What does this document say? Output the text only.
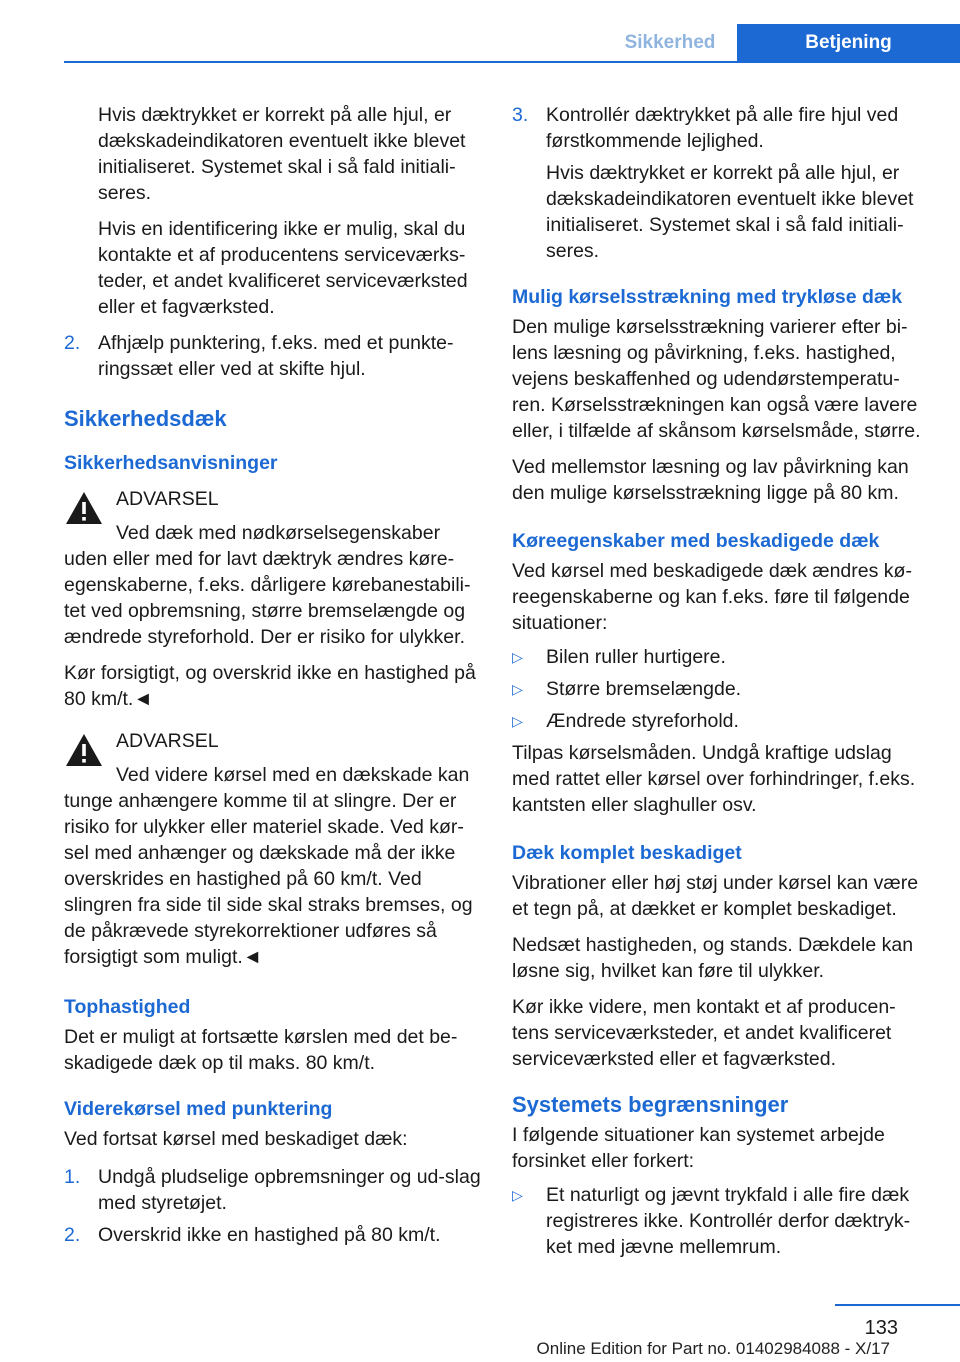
Sikkerhed	Betjening

Hvis dæktrykket er korrekt på alle hjul, er dækskadeindikatoren eventuelt ikke blevet initialiseret. Systemet skal i så fald initiali‐seres.

Hvis en identificering ikke er mulig, skal du kontakte et af producentens serviceværks‐teder, et andet kvalificeret serviceværksted eller et fagværksted.

2. Afhjælp punktering, f.eks. med et punkte‐ringssæt eller ved at skifte hjul.

Sikkerhedsdæk
Sikkerhedsanvisninger

ADVARSEL

Ved dæk med nødkørselsegenskaber

uden eller med for lavt dæktryk ændres køre‐egenskaberne, f.eks. dårligere kørebanestabili‐tet ved opbremsning, større bremselængde og ændrede styreforhold. Der er risiko for ulykker.

Kør forsigtigt, og overskrid ikke en hastighed på 80 km/t.◄

ADVARSEL

Ved videre kørsel med en dækskade kan

tunge anhængere komme til at slingre. Der er risiko for ulykker eller materiel skade. Ved kør‐sel med anhænger og dækskade må der ikke overskrides en hastighed på 60 km/t. Ved slingren fra side til side skal straks bremses, og de påkrævede styrekorrektioner udføres så forsigtigt som muligt.◄

Tophastighed

Det er muligt at fortsætte kørslen med det be‐skadigede dæk op til maks. 80 km/t.

Viderekørsel med punktering

Ved fortsat kørsel med beskadiget dæk:

1. Undgå pludselige opbremsninger og ud‐slag med styretøjet.

2. Overskrid ikke en hastighed på 80 km/t.

3. Kontrollér dæktrykket på alle fire hjul ved førstkommende lejlighed.

Hvis dæktrykket er korrekt på alle hjul, er dækskadeindikatoren eventuelt ikke blevet initialiseret. Systemet skal i så fald initiali‐seres.

Mulig kørselsstrækning med trykløse dæk

Den mulige kørselsstrækning varierer efter bi‐lens læsning og påvirkning, f.eks. hastighed, vejens beskaffenhed og udendørstemperatu‐ren. Kørselsstrækningen kan også være lavere eller, i tilfælde af skånsom kørselsmåde, større.

Ved mellemstor læsning og lav påvirkning kan den mulige kørselsstrækning ligge på 80 km.

Køreegenskaber med beskadigede dæk

Ved kørsel med beskadigede dæk ændres kø‐reegenskaberne og kan f.eks. føre til følgende situationer:

▷ Bilen ruller hurtigere.

▷ Større bremselængde.

▷ Ændrede styreforhold.

Tilpas kørselsmåden. Undgå kraftige udslag med rattet eller kørsel over forhindringer, f.eks. kantsten eller slaghuller osv.

Dæk komplet beskadiget

Vibrationer eller høj støj under kørsel kan være et tegn på, at dækket er komplet beskadiget.

Nedsæt hastigheden, og stands. Dækdele kan løsne sig, hvilket kan føre til ulykker.

Kør ikke videre, men kontakt et af producen‐tens serviceværksteder, et andet kvalificeret serviceværksted eller et fagværksted.

Systemets begrænsninger

I følgende situationer kan systemet arbejde forsinket eller forkert:

▷ Et naturligt og jævnt trykfald i alle fire dæk registreres ikke. Kontrollér derfor dæktryk‐ket med jævne mellemrum.

133
Online Edition for Part no. 01402984088 - X/17
